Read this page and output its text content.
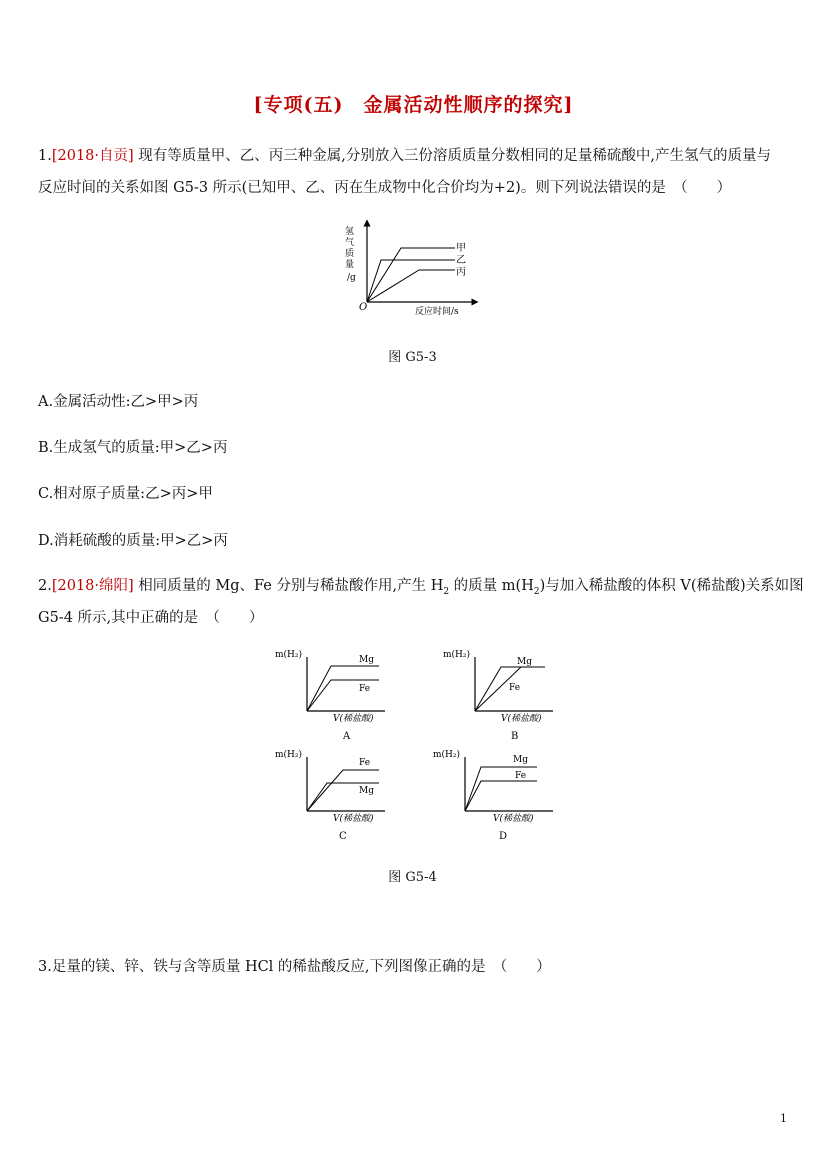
[专项(五)　金属活动性顺序的探究]
1.[2018·自贡] 现有等质量甲、乙、丙三种金属,分别放入三份溶质质量分数相同的足量稀硫酸中,产生氢气的质量与
反应时间的关系如图 G5-3 所示(已知甲、乙、丙在生成物中化合价均为+2)。则下列说法错误的是　（　　）
氢
气
质
量
/g
O	反应时间/s
甲
乙
丙
图 G5-3
A.金属活动性:乙>甲>丙
B.生成氢气的质量:甲>乙>丙
C.相对原子质量:乙>丙>甲
D.消耗硫酸的质量:甲>乙>丙
2.[2018·绵阳] 相同质量的 Mg、Fe 分别与稀盐酸作用,产生 $H_2$ 的质量 $m(H_2)$与加入稀盐酸的体积 V(稀盐酸)关系如图
G5-4 所示,其中正确的是　（　　）
m(H₂)
V(稀盐酸)
Mg
Fe
A
m(H₂)
V(稀盐酸)
Mg
Fe
B
m(H₂)
V(稀盐酸)
Fe
Mg
C
m(H₂)
V(稀盐酸)
Mg
Fe
D
图 G5-4
3.足量的镁、锌、铁与含等质量 HCl 的稀盐酸反应,下列图像正确的是　（　　）
1
